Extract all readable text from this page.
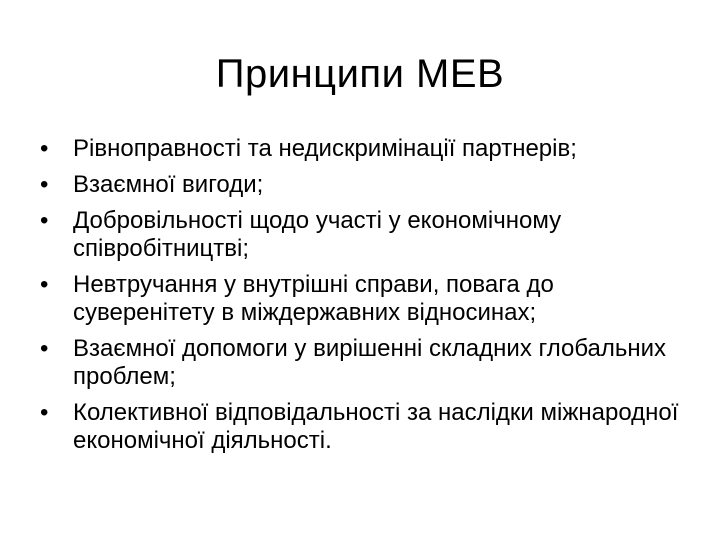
Принципи МЕВ
•	Рівноправності та недискримінації партнерів;
•	Взаємної вигоди;
•	Добровільності щодо участі у економічному співробітництві;
•	Невтручання у внутрішні справи, повага до суверенітету в міждержавних відносинах;
•	Взаємної допомоги у вирішенні складних глобальних проблем;
•	Колективної відповідальності за наслідки міжнародної економічної діяльності.
